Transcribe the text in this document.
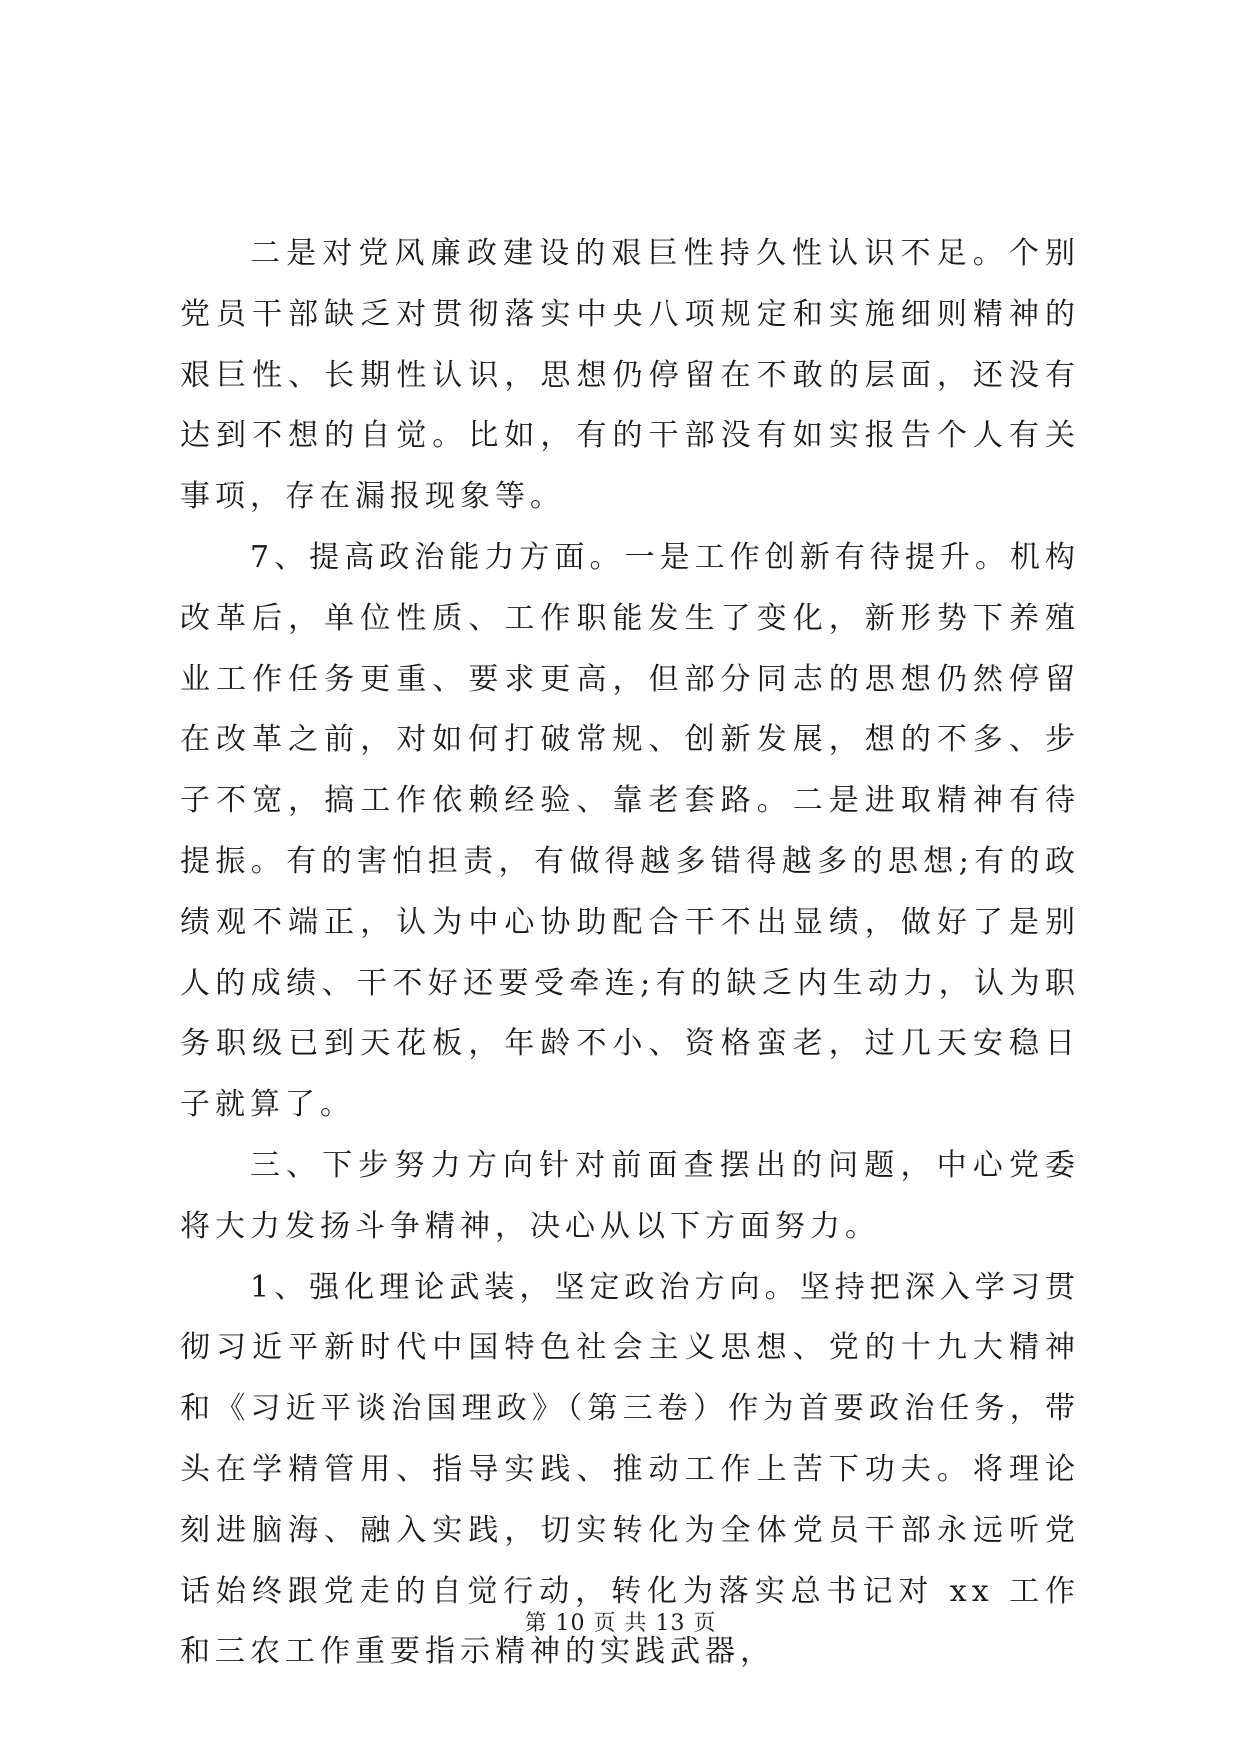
二是对党风廉政建设的艰巨性持久性认识不足。个别党员干部缺乏对贯彻落实中央八项规定和实施细则精神的艰巨性、长期性认识，思想仍停留在不敢的层面，还没有达到不想的自觉。比如，有的干部没有如实报告个人有关事项，存在漏报现象等。

7、提高政治能力方面。一是工作创新有待提升。机构改革后，单位性质、工作职能发生了变化，新形势下养殖业工作任务更重、要求更高，但部分同志的思想仍然停留在改革之前，对如何打破常规、创新发展，想的不多、步子不宽，搞工作依赖经验、靠老套路。二是进取精神有待提振。有的害怕担责，有做得越多错得越多的思想;有的政绩观不端正，认为中心协助配合干不出显绩，做好了是别人的成绩、干不好还要受牵连;有的缺乏内生动力，认为职务职级已到天花板，年龄不小、资格蛮老，过几天安稳日子就算了。

三、下步努力方向针对前面查摆出的问题，中心党委将大力发扬斗争精神，决心从以下方面努力。

1、强化理论武装，坚定政治方向。坚持把深入学习贯彻习近平新时代中国特色社会主义思想、党的十九大精神和《习近平谈治国理政》（第三卷）作为首要政治任务，带头在学精管用、指导实践、推动工作上苦下功夫。将理论刻进脑海、融入实践，切实转化为全体党员干部永远听党话始终跟党走的自觉行动，转化为落实总书记对 xx 工作和三农工作重要指示精神的实践武器，

第 10 页 共 13 页
